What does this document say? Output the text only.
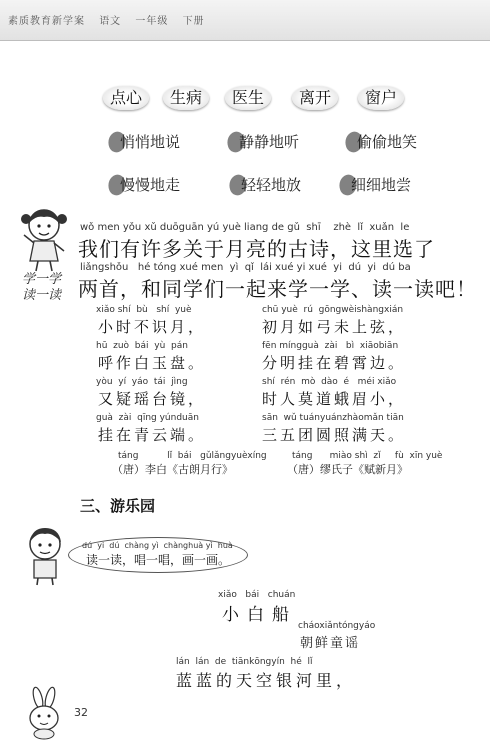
素质教育新学案 语文 一年级 下册
点心	生病	医生	离开	窗户
悄悄地说	静静地听	偷偷地笑
慢慢地走	轻轻地放	细细地尝
学一学 读一读
wǒ men yǒu xǔ duōguān yú yuè liang de gǔ  shī    zhè  lǐ  xuǎn  le
我们有许多关于月亮的古诗，这里选了
liǎngshǒu   hé tóng xué men  yì  qǐ  lái xué yi xué  yi  dú  yi  dú ba
两首，和同学们一起来学一学、读一读吧！
xiǎo shí  bù   shí  yuè
小时不识月，
hū  zuò  bái  yù  pán
呼作白玉盘。
yòu  yí  yáo  tái  jìng
又疑瑶台镜，
guà  zài  qīng yúnduān
挂在青云端。
táng          lǐ  bái   gǔlǎngyuèxíng
（唐）李白《古朗月行》
chū yuè  rú  gōngwèishàngxián
初月如弓未上弦，
fēn míngguà  zài   bì  xiāobiān
分明挂在碧霄边。
shí  rén  mò  dào  é   méi xiǎo
时人莫道蛾眉小，
sān  wǔ tuányuánzhàomǎn tiān
三五团圆照满天。
táng      miào shì  zǐ     fù  xīn yuè
（唐）缪氏子《赋新月》
三、游乐园
dú  yi  dú  chàng yì  chànghuà yì  huà
读一读，唱一唱，画一画。
xiǎo   bái   chuán
小白船
cháoxiǎntóngyáo
朝鲜童谣
lán  lán  de  tiānkōngyín  hé  lǐ
蓝蓝的天空银河里，
32
